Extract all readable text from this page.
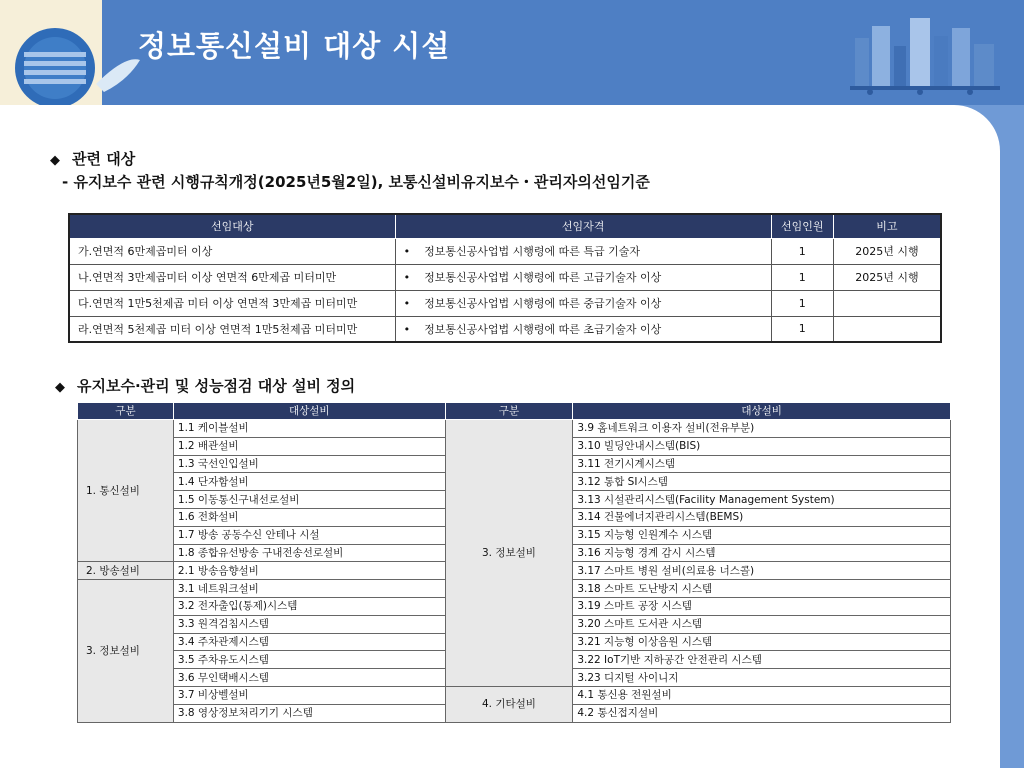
정보통신설비 대상 시설
◆ 관련 대상
- 유지보수 관련 시행규칙개정(2025년5월2일), 보통신설비유지보수・관리자의선임기준
선임대상	선임자격	선임인원	비고
가.연면적 6만제곱미터 이상	• 정보통신공사업법 시행령에 따른 특급 기술자	1	2025년 시행
나.연면적 3만제곱미터 이상 연면적 6만제곱 미터미만	• 정보통신공사업법 시행령에 따른 고급기술자 이상	1	2025년 시행
다.연면적 1만5천제곱 미터 이상 연면적 3만제곱 미터미만	• 정보통신공사업법 시행령에 따른 중급기술자 이상	1	
라.연면적 5천제곱 미터 이상 연면적 1만5천제곱 미터미만	• 정보통신공사업법 시행령에 따른 초급기술자 이상	1	
◆ 유지보수·관리 및 성능점검 대상 설비 정의
구분	대상설비	구분	대상설비
1. 통신설비	1.1 케이블설비	3. 정보설비	3.9 홈네트워크 이용자 설비(전유부분)
	1.2 배관설비		3.10 빌딩안내시스템(BIS)
	1.3 국선인입설비		3.11 전기시계시스템
	1.4 단자함설비		3.12 통합 SI시스템
	1.5 이동통신구내선로설비		3.13 시설관리시스템(Facility Management System)
	1.6 전화설비		3.14 건물에너지관리시스템(BEMS)
	1.7 방송 공동수신 안테나 시설		3.15 지능형 인원계수 시스템
	1.8 종합유선방송 구내전송선로설비		3.16 지능형 경계 감시 시스템
2. 방송설비	2.1 방송음향설비		3.17 스마트 병원 설비(의료용 너스콜)
3. 정보설비	3.1 네트워크설비		3.18 스마트 도난방지 시스템
	3.2 전자출입(통제)시스템		3.19 스마트 공장 시스템
	3.3 원격검침시스템		3.20 스마트 도서관 시스템
	3.4 주차관제시스템		3.21 지능형 이상음원 시스템
	3.5 주차유도시스템		3.22 IoT기반 지하공간 안전관리 시스템
	3.6 무인택배시스템		3.23 디지털 사이니지
	3.7 비상벨설비	4. 기타설비	4.1 통신용 전원설비
	3.8 영상정보처리기기 시스템		4.2 통신접지설비
